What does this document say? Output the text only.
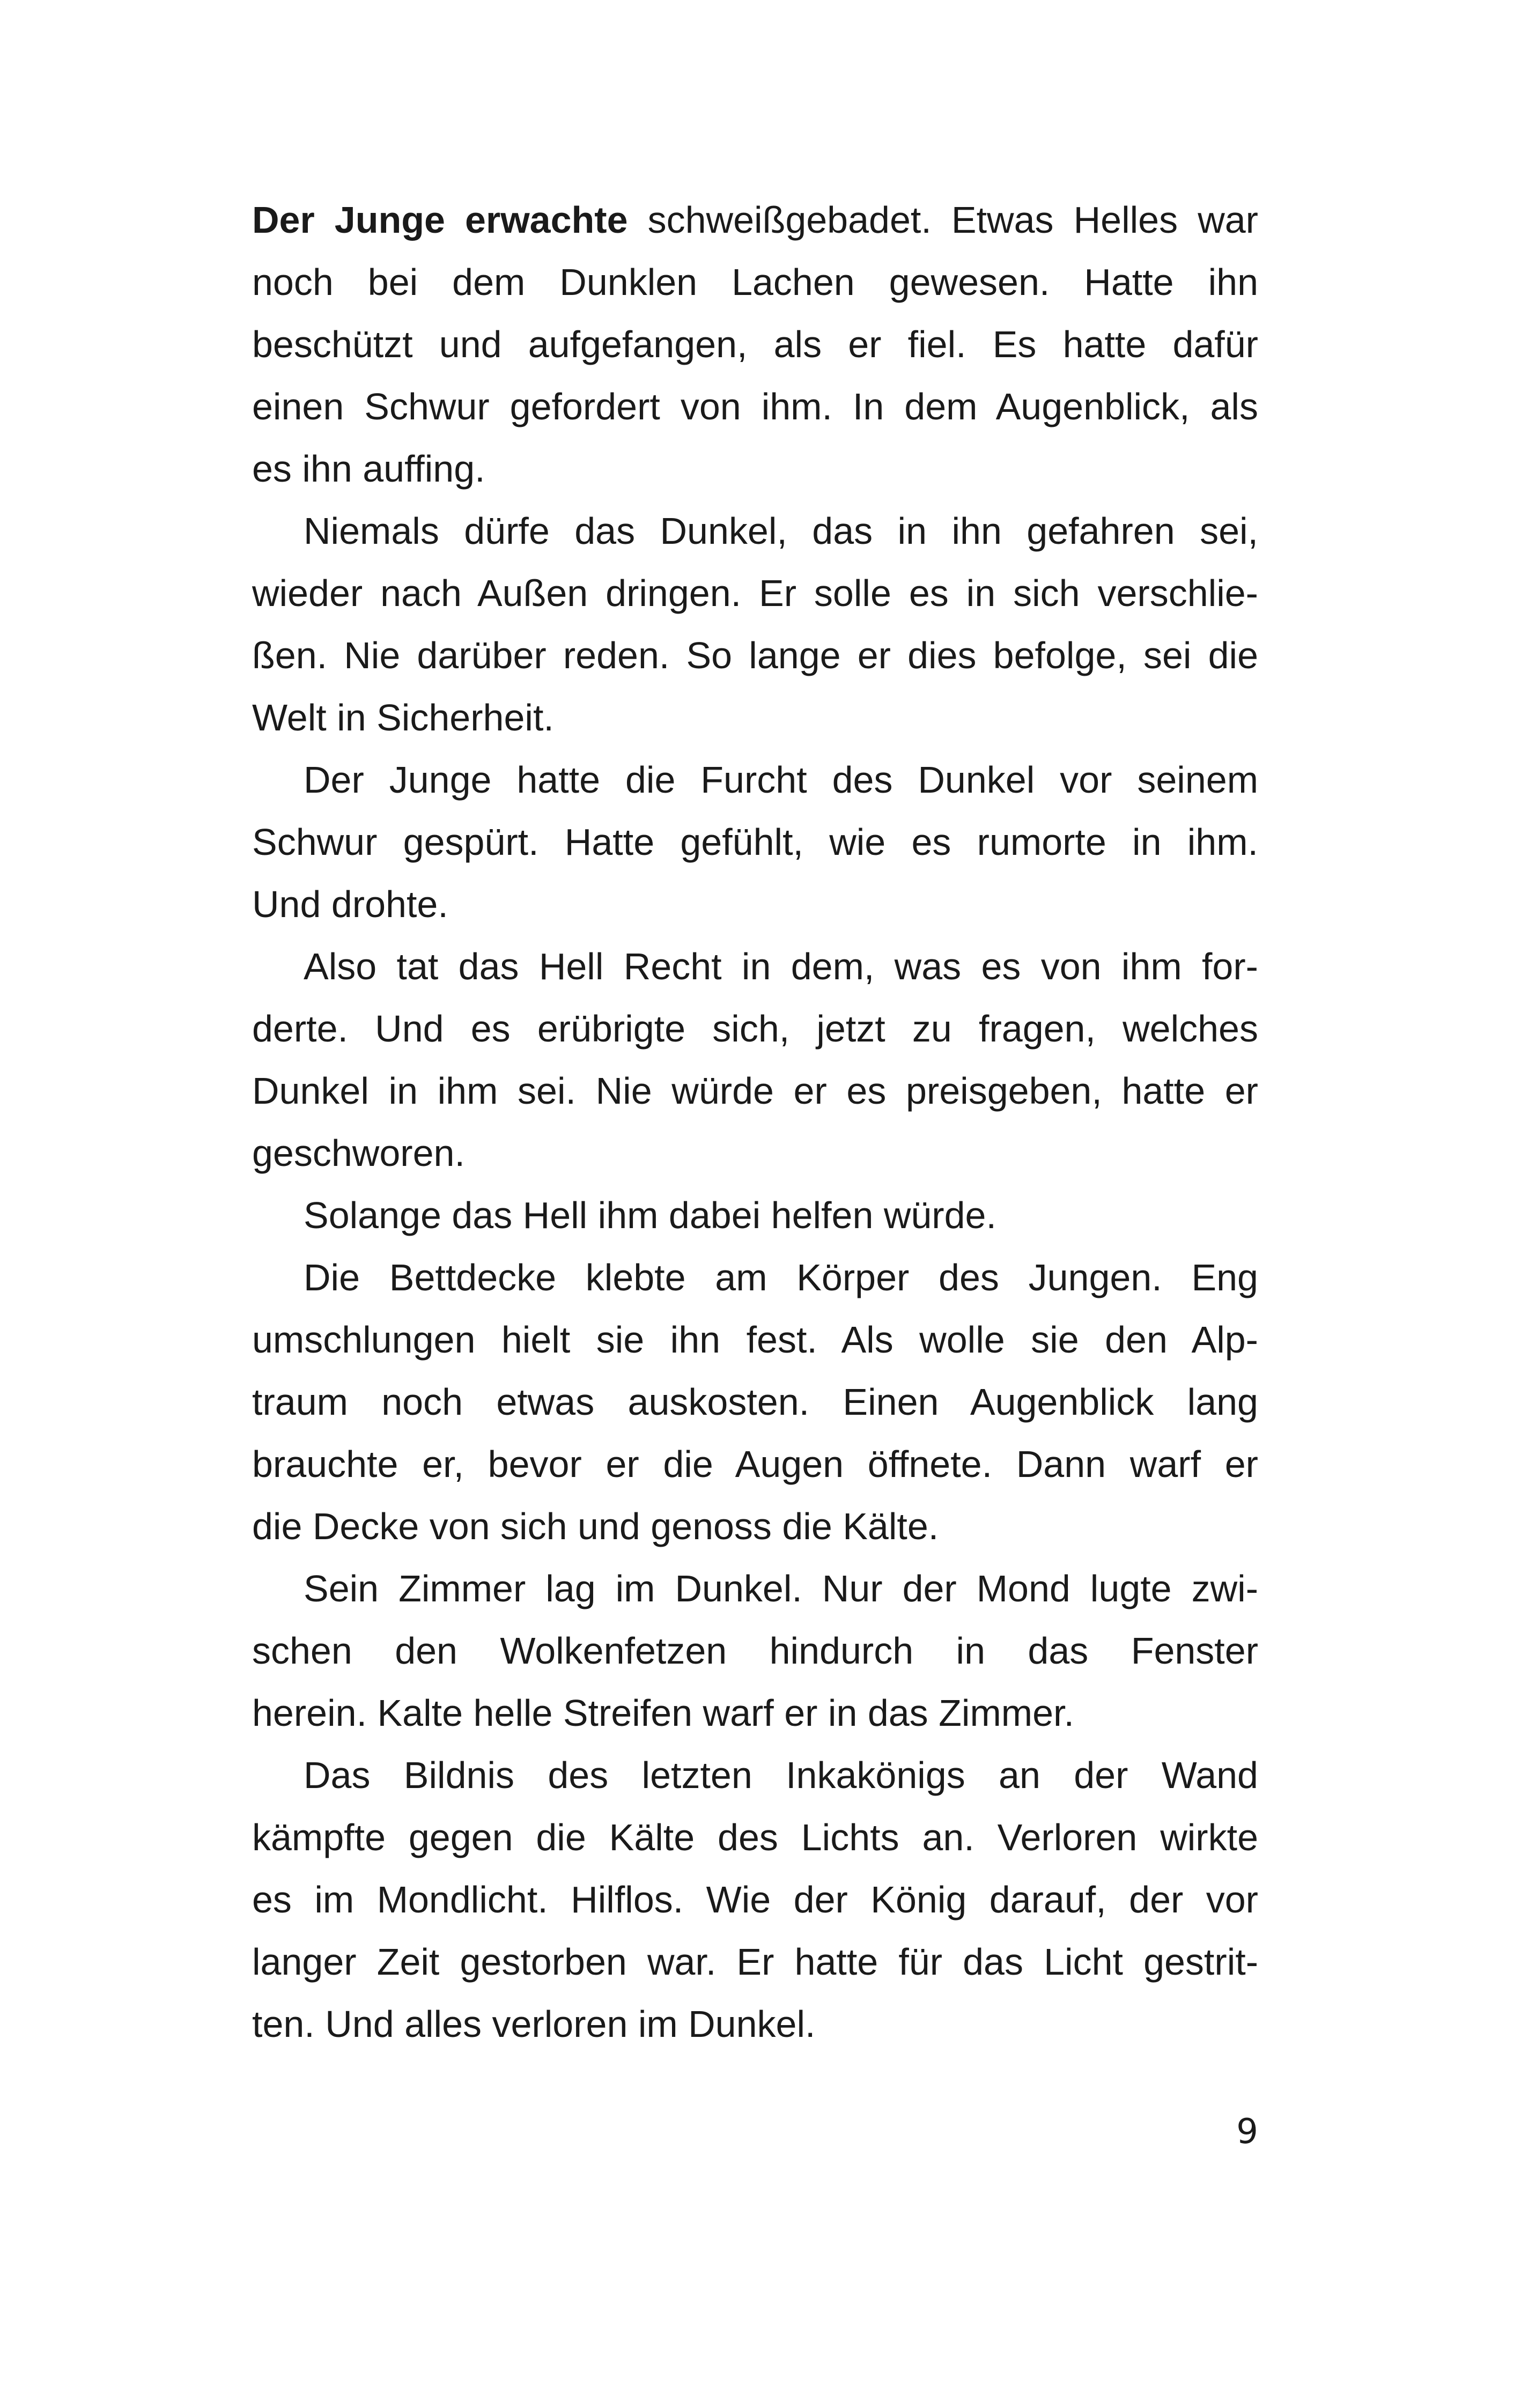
Der Junge erwachte schweißgebadet. Etwas Helles war
noch bei dem Dunklen Lachen gewesen. Hatte ihn
beschützt und aufgefangen, als er fiel. Es hatte dafür
einen Schwur gefordert von ihm. In dem Augenblick, als
es ihn auffing.
Niemals dürfe das Dunkel, das in ihn gefahren sei,
wieder nach Außen dringen. Er solle es in sich verschlie-
ßen. Nie darüber reden. So lange er dies befolge, sei die
Welt in Sicherheit.
Der Junge hatte die Furcht des Dunkel vor seinem
Schwur gespürt. Hatte gefühlt, wie es rumorte in ihm.
Und drohte.
Also tat das Hell Recht in dem, was es von ihm for-
derte. Und es erübrigte sich, jetzt zu fragen, welches
Dunkel in ihm sei. Nie würde er es preisgeben, hatte er
geschworen.
Solange das Hell ihm dabei helfen würde.
Die Bettdecke klebte am Körper des Jungen. Eng
umschlungen hielt sie ihn fest. Als wolle sie den Alp-
traum noch etwas auskosten. Einen Augenblick lang
brauchte er, bevor er die Augen öffnete. Dann warf er
die Decke von sich und genoss die Kälte.
Sein Zimmer lag im Dunkel. Nur der Mond lugte zwi-
schen den Wolkenfetzen hindurch in das Fenster
herein. Kalte helle Streifen warf er in das Zimmer.
Das Bildnis des letzten Inkakönigs an der Wand
kämpfte gegen die Kälte des Lichts an. Verloren wirkte
es im Mondlicht. Hilflos. Wie der König darauf, der vor
langer Zeit gestorben war. Er hatte für das Licht gestrit-
ten. Und alles verloren im Dunkel.
9
